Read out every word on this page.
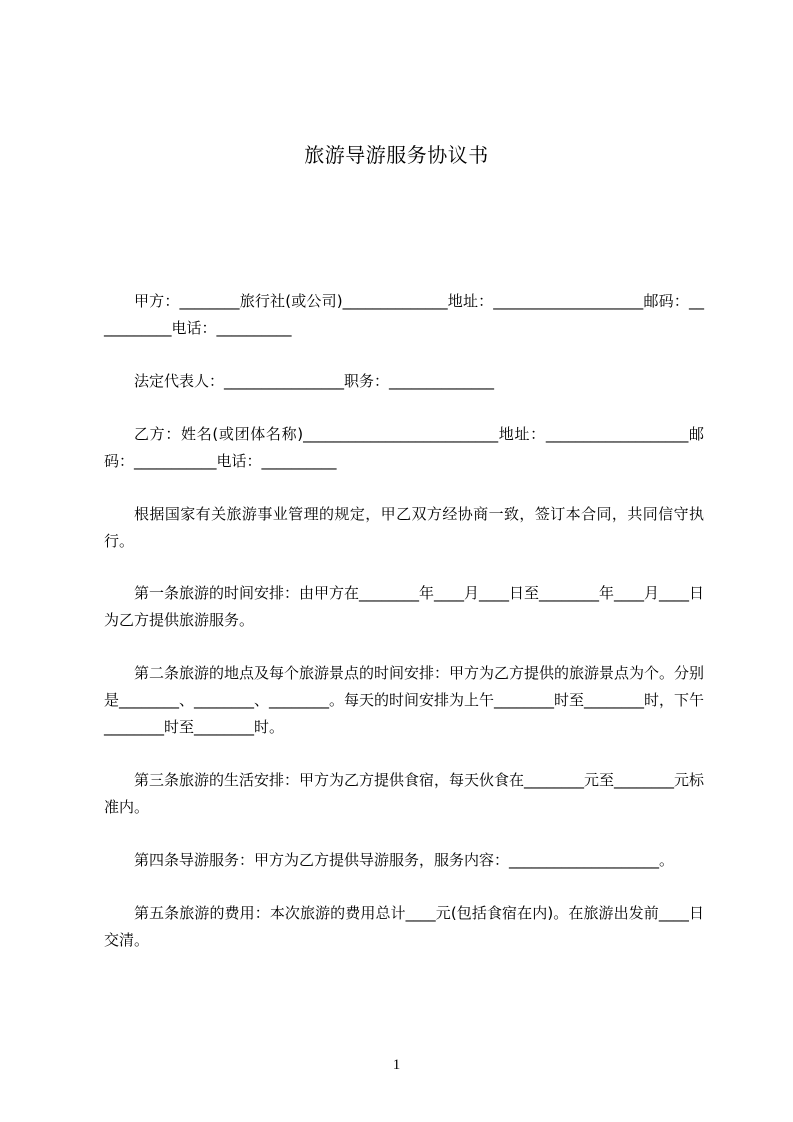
旅游导游服务协议书

甲方：________旅行社(或公司)______________地址：____________________邮码：___________电话：__________

法定代表人：________________职务：______________

乙方：姓名(或团体名称)__________________________地址：___________________邮码：___________电话：__________

根据国家有关旅游事业管理的规定，甲乙双方经协商一致，签订本合同，共同信守执行。

第一条旅游的时间安排：由甲方在________年____月____日至________年____月____日为乙方提供旅游服务。

第二条旅游的地点及每个旅游景点的时间安排：甲方为乙方提供的旅游景点为个。分别是________、________、________。每天的时间安排为上午________时至________时，下午________时至________时。

第三条旅游的生活安排：甲方为乙方提供食宿，每天伙食在________元至________元标准内。

第四条导游服务：甲方为乙方提供导游服务，服务内容：____________________。

第五条旅游的费用：本次旅游的费用总计____元(包括食宿在内)。在旅游出发前____日交清。

1
